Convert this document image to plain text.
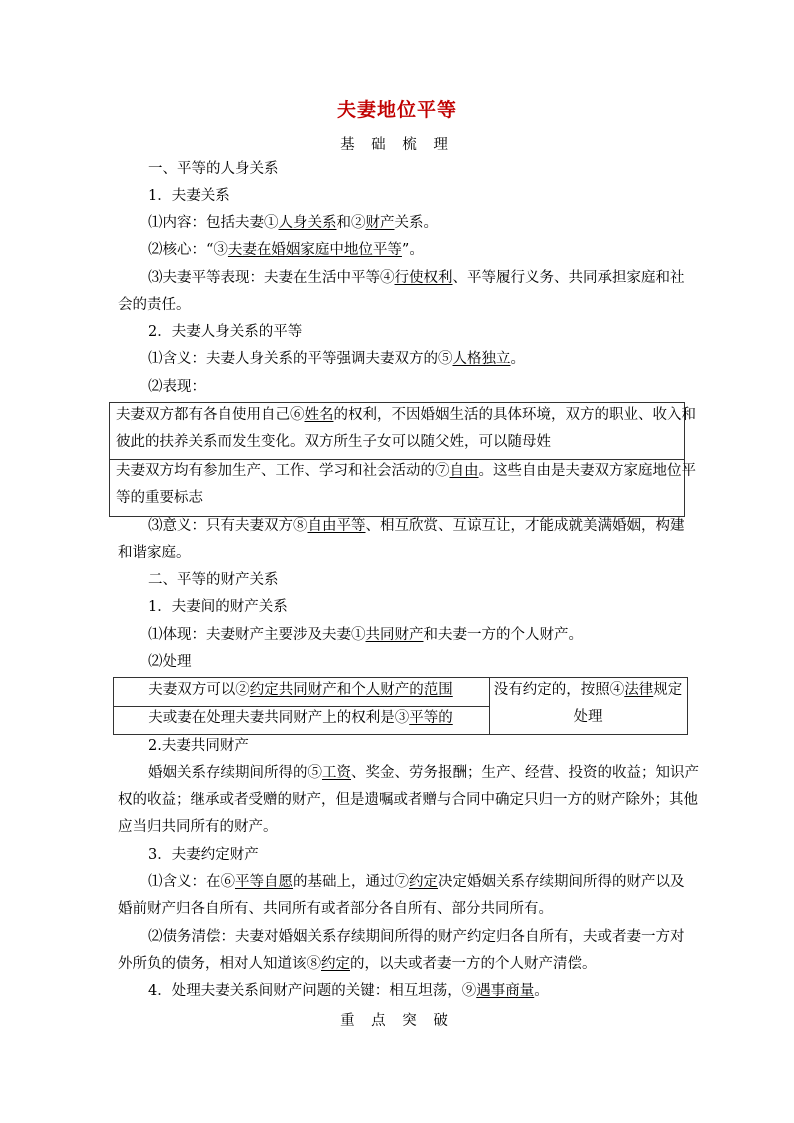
夫妻地位平等
基 础 梳 理
一、平等的人身关系
1．夫妻关系
⑴内容：包括夫妻①人身关系和②财产关系。
⑵核心：“③夫妻在婚姻家庭中地位平等”。
⑶夫妻平等表现：夫妻在生活中平等④行使权利、平等履行义务、共同承担家庭和社
会的责任。
2．夫妻人身关系的平等
⑴含义：夫妻人身关系的平等强调夫妻双方的⑤人格独立。
⑵表现：
夫妻双方都有各自使用自己⑥姓名的权利，不因婚姻生活的具体环境，双方的职业、收入和
彼此的扶养关系而发生变化。双方所生子女可以随父姓，可以随母姓
夫妻双方均有参加生产、工作、学习和社会活动的⑦自由。这些自由是夫妻双方家庭地位平
等的重要标志
⑶意义：只有夫妻双方⑧自由平等、相互欣赏、互谅互让，才能成就美满婚姻，构建
和谐家庭。
二、平等的财产关系
1．夫妻间的财产关系
⑴体现：夫妻财产主要涉及夫妻①共同财产和夫妻一方的个人财产。
⑵处理
夫妻双方可以②约定共同财产和个人财产的范围
夫或妻在处理夫妻共同财产上的权利是③平等的
没有约定的，按照④法律规定
处理
2.夫妻共同财产
婚姻关系存续期间所得的⑤工资、奖金、劳务报酬；生产、经营、投资的收益；知识产
权的收益；继承或者受赠的财产，但是遗嘱或者赠与合同中确定只归一方的财产除外；其他
应当归共同所有的财产。
3．夫妻约定财产
⑴含义：在⑥平等自愿的基础上，通过⑦约定决定婚姻关系存续期间所得的财产以及
婚前财产归各自所有、共同所有或者部分各自所有、部分共同所有。
⑵债务清偿：夫妻对婚姻关系存续期间所得的财产约定归各自所有，夫或者妻一方对
外所负的债务，相对人知道该⑧约定的，以夫或者妻一方的个人财产清偿。
4．处理夫妻关系间财产问题的关键：相互坦荡，⑨遇事商量。
重 点 突 破
